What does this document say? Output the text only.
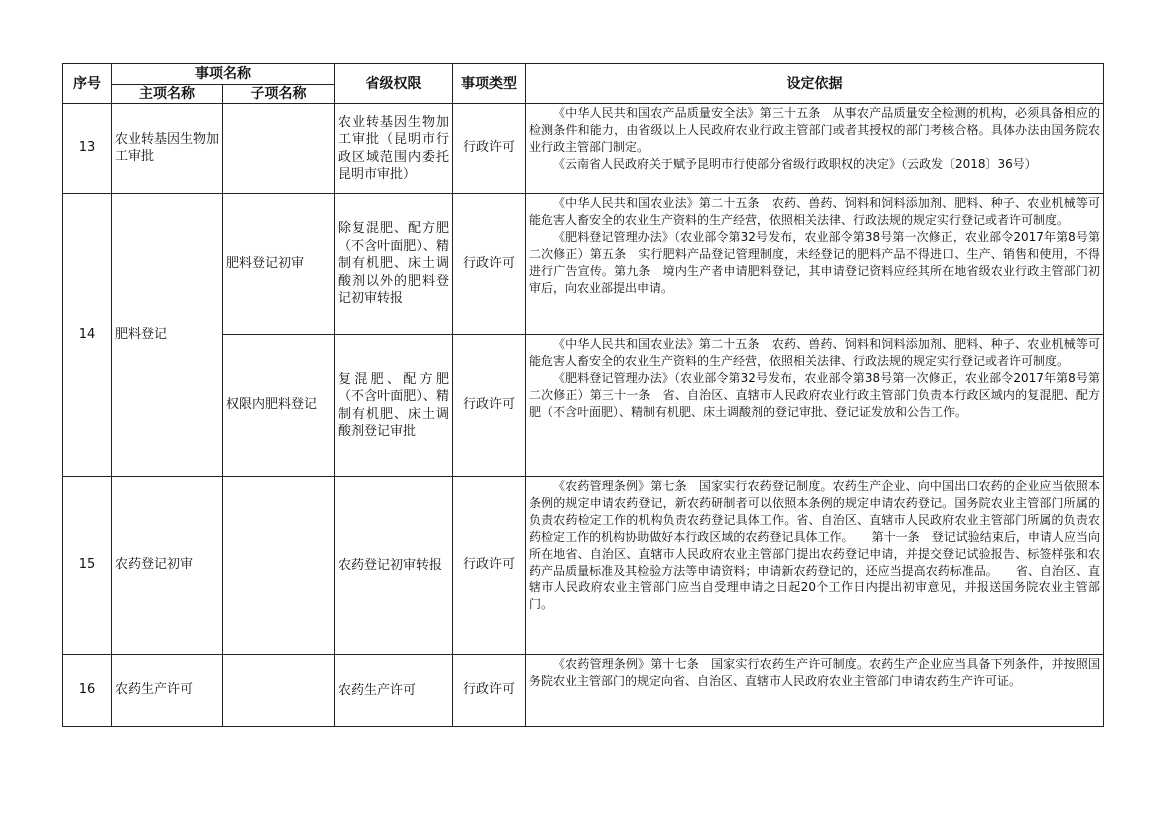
序号	事项名称		省级权限	事项类型	设定依据
	主项名称	子项名称			
13	农业转基因生物加工审批		农业转基因生物加工审批（昆明市行政区域范围内委托昆明市审批）	行政许可	《中华人民共和国农产品质量安全法》第三十五条　从事农产品质量安全检测的机构，必须具备相应的检测条件和能力，由省级以上人民政府农业行政主管部门或者其授权的部门考核合格。具体办法由国务院农业行政主管部门制定。
《云南省人民政府关于赋予昆明市行使部分省级行政职权的决定》（云政发〔2018〕36号）

14	肥料登记	肥料登记初审	除复混肥、配方肥（不含叶面肥）、精制有机肥、床土调酸剂以外的肥料登记初审转报	行政许可	《中华人民共和国农业法》第二十五条　农药、兽药、饲料和饲料添加剂、肥料、种子、农业机械等可能危害人畜安全的农业生产资料的生产经营，依照相关法律、行政法规的规定实行登记或者许可制度。
《肥料登记管理办法》（农业部令第32号发布，农业部令第38号第一次修正，农业部令2017年第8号第二次修正）第五条　实行肥料产品登记管理制度，未经登记的肥料产品不得进口、生产、销售和使用，不得进行广告宣传。第九条　境内生产者申请肥料登记，其申请登记资料应经其所在地省级农业行政主管部门初审后，向农业部提出申请。

		权限内肥料登记	复混肥、配方肥（不含叶面肥）、精制有机肥、床土调酸剂登记审批	行政许可	《中华人民共和国农业法》第二十五条　农药、兽药、饲料和饲料添加剂、肥料、种子、农业机械等可能危害人畜安全的农业生产资料的生产经营，依照相关法律、行政法规的规定实行登记或者许可制度。
《肥料登记管理办法》（农业部令第32号发布，农业部令第38号第一次修正，农业部令2017年第8号第二次修正）第三十一条　省、自治区、直辖市人民政府农业行政主管部门负责本行政区域内的复混肥、配方肥（不含叶面肥）、精制有机肥、床土调酸剂的登记审批、登记证发放和公告工作。

15	农药登记初审		农药登记初审转报	行政许可	《农药管理条例》第七条　国家实行农药登记制度。农药生产企业、向中国出口农药的企业应当依照本条例的规定申请农药登记，新农药研制者可以依照本条例的规定申请农药登记。国务院农业主管部门所属的负责农药检定工作的机构负责农药登记具体工作。省、自治区、直辖市人民政府农业主管部门所属的负责农药检定工作的机构协助做好本行政区域的农药登记具体工作。　　第十一条　登记试验结束后，申请人应当向所在地省、自治区、直辖市人民政府农业主管部门提出农药登记申请，并提交登记试验报告、标签样张和农药产品质量标准及其检验方法等申请资料；申请新农药登记的，还应当提高农药标准品。　　省、自治区、直辖市人民政府农业主管部门应当自受理申请之日起20个工作日内提出初审意见，并报送国务院农业主管部门。

16	农药生产许可		农药生产许可	行政许可	《农药管理条例》第十七条　国家实行农药生产许可制度。农药生产企业应当具备下列条件，并按照国务院农业主管部门的规定向省、自治区、直辖市人民政府农业主管部门申请农药生产许可证。
